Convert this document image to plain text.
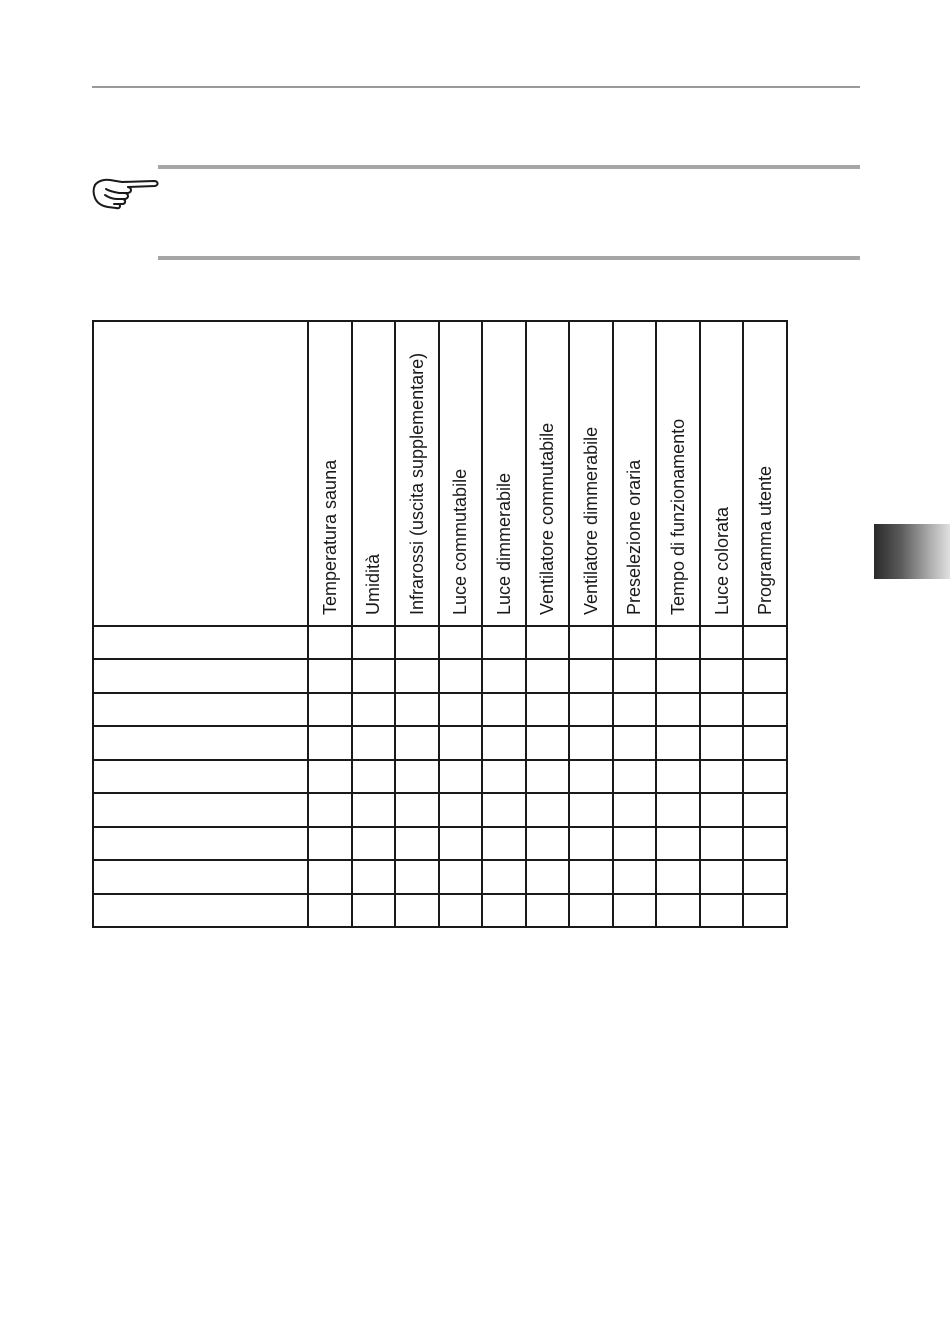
	Temperatura sauna	Umidità	Infrarossi (uscita supplementare)	Luce commutabile	Luce dimmerabile	Ventilatore commutabile	Ventilatore dimmerabile	Preselezione oraria	Tempo di funzionamento	Luce colorata	Programma utente
